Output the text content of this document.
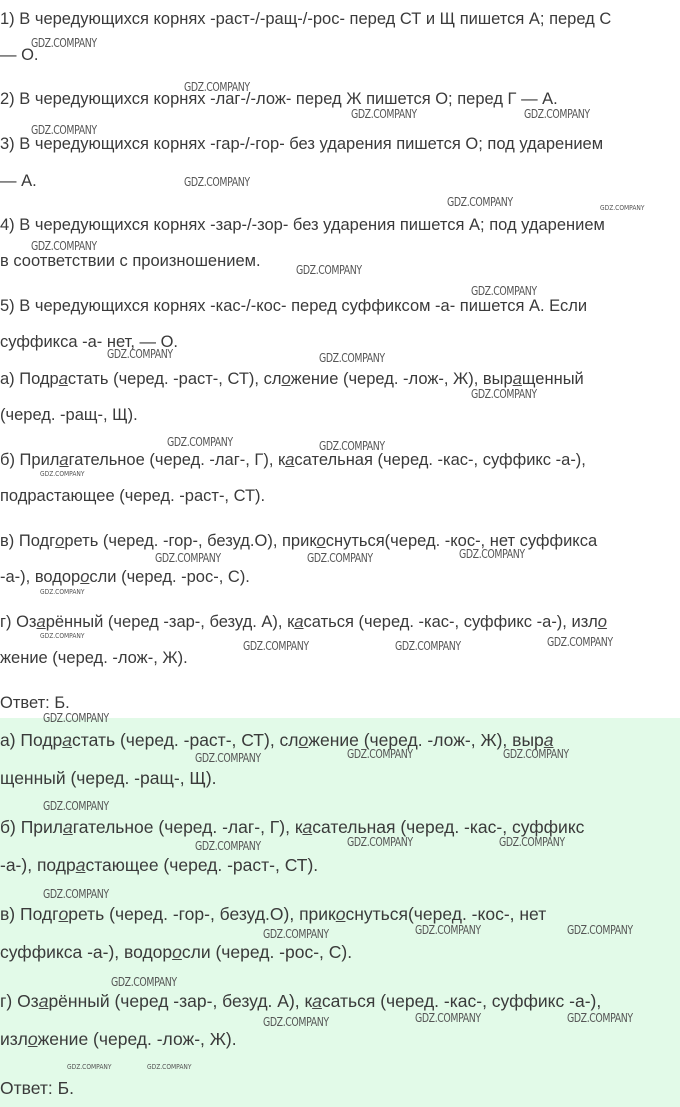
1) В чередующихся корнях -раст-/-ращ-/-рос- перед СТ и Щ пишется А; перед С
— О.
2) В чередующихся корнях -лаг-/-лож- перед Ж пишется О; перед Г — А.
3) В чередующихся корнях -гар-/-гор- без ударения пишется О; под ударением
— А.
4) В чередующихся корнях -зар-/-зор- без ударения пишется А; под ударением
в соответствии с произношением.
5) В чередующихся корнях -кас-/-кос- перед суффиксом -а- пишется А. Если
суффикса -а- нет, — О.
а) Подрастать (черед. -раст-, СТ), сложение (черед. -лож-, Ж), выращенный
(черед. -ращ-, Щ).
б) Прилагательное (черед. -лаг-, Г), касательная (черед. -кас-, суффикс -а-),
подрастающее (черед. -раст-, СТ).
в) Подгореть (черед. -гор-, безуд.О), прикоснуться(черед. -кос-, нет суффикса
-а-), водоросли (черед. -рос-, С).
г) Озарённый (черед -зар-, безуд. А), касаться (черед. -кас-, суффикс -а-), изло
жение (черед. -лож-, Ж).
Ответ: Б.
а) Подрастать (черед. -раст-, СТ), сложение (черед. -лож-, Ж), выра
щенный (черед. -ращ-, Щ).
б) Прилагательное (черед. -лаг-, Г), касательная (черед. -кас-, суффикс
-а-), подрастающее (черед. -раст-, СТ).
в) Подгореть (черед. -гор-, безуд.О), прикоснуться(черед. -кос-, нет
суффикса -а-), водоросли (черед. -рос-, С).
г) Озарённый (черед -зар-, безуд. А), касаться (черед. -кас-, суффикс -а-),
изложение (черед. -лож-, Ж).
Ответ: Б.
GDZ.COMPANY
GDZ.COMPANY
GDZ.COMPANY	GDZ.COMPANY
GDZ.COMPANY
GDZ.COMPANY
GDZ.COMPANY	GDZ.COMPANY
GDZ.COMPANY
GDZ.COMPANY
GDZ.COMPANY
GDZ.COMPANY	GDZ.COMPANY
GDZ.COMPANY
GDZ.COMPANY	GDZ.COMPANY
GDZ.COMPANY
GDZ.COMPANY
GDZ.COMPANY	GDZ.COMPANY
GDZ.COMPANY
GDZ.COMPANY
GDZ.COMPANY	GDZ.COMPANY	GDZ.COMPANY
GDZ.COMPANY
GDZ.COMPANY	GDZ.COMPANY
GDZ.COMPANY
GDZ.COMPANY
GDZ.COMPANY	GDZ.COMPANY
GDZ.COMPANY
GDZ.COMPANY
GDZ.COMPANY	GDZ.COMPANY
GDZ.COMPANY
GDZ.COMPANY
GDZ.COMPANY	GDZ.COMPANY
GDZ.COMPANY
GDZ.COMPANY	GDZ.COMPANY
